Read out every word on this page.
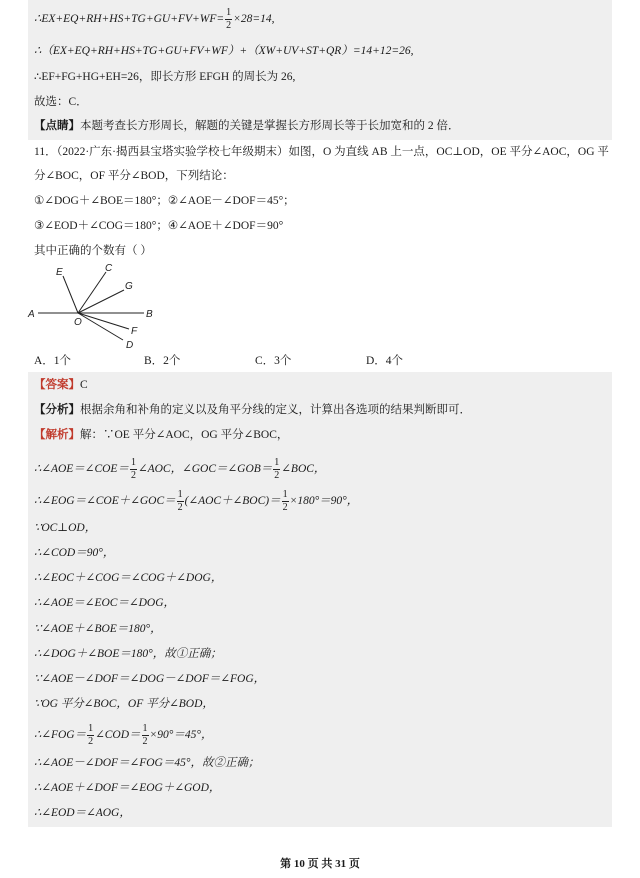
∴EX+EQ+RH+HS+TG+GU+FV+WF= $\frac{1}{2} \times 28=14$,
∴（EX+EQ+RH+HS+TG+GU+FV+WF）+（XW+UV+ST+QR）=14+12=26,
∴EF+FG+HG+EH=26，即长方形 EFGH 的周长为 26,
故选：C．
【点睛】本题考查长方形周长，解题的关键是掌握长方形周长等于长加宽和的 2 倍．
11．（2022·广东·揭西县宝塔实验学校七年级期末）如图，O 为直线 AB 上一点，OC⊥OD，OE 平分∠AOC，OG 平
分∠BOC，OF 平分∠BOD，下列结论：
①∠DOG＋∠BOE＝180°；②∠AOE－∠DOF＝45°；
③∠EOD＋∠COG＝180°；④∠AOE＋∠DOF＝90°
其中正确的个数有（ ）
A	B
O
E	C
G
F
D
A．1个	B．2个	C．3个	D．4个
【答案】C
【分析】根据余角和补角的定义以及角平分线的定义，计算出各选项的结果判断即可．
【解析】解：∵OE 平分∠AOC，OG 平分∠BOC，
∴∠AOE＝∠COE＝ $\frac{1}{2}$ ∠AOC，∠GOC＝∠GOB＝ $\frac{1}{2}$ ∠BOC，
∴∠EOG＝∠COE＋∠GOC＝ $\frac{1}{2}$ (∠AOC＋∠BOC)＝ $\frac{1}{2} \times 180^\circ=90^\circ$，
∵OC⊥OD，
∴∠COD＝90°，
∴∠EOC＋∠COG＝∠COG＋∠DOG，
∴∠AOE＝∠EOC＝∠DOG，
∵∠AOE＋∠BOE＝180°，
∴∠DOG＋∠BOE＝180°，故①正确；
∵∠AOE－∠DOF＝∠DOG－∠DOF＝∠FOG，
∵OG 平分∠BOC，OF 平分∠BOD，
∴∠FOG＝ $\frac{1}{2}$ ∠COD＝ $\frac{1}{2} \times 90^\circ=45^\circ$，
∴∠AOE－∠DOF＝∠FOG＝45°，故②正确；
∴∠AOE＋∠DOF＝∠EOG＋∠GOD，
∴∠EOD＝∠AOG，
第 10 页 共 31 页
